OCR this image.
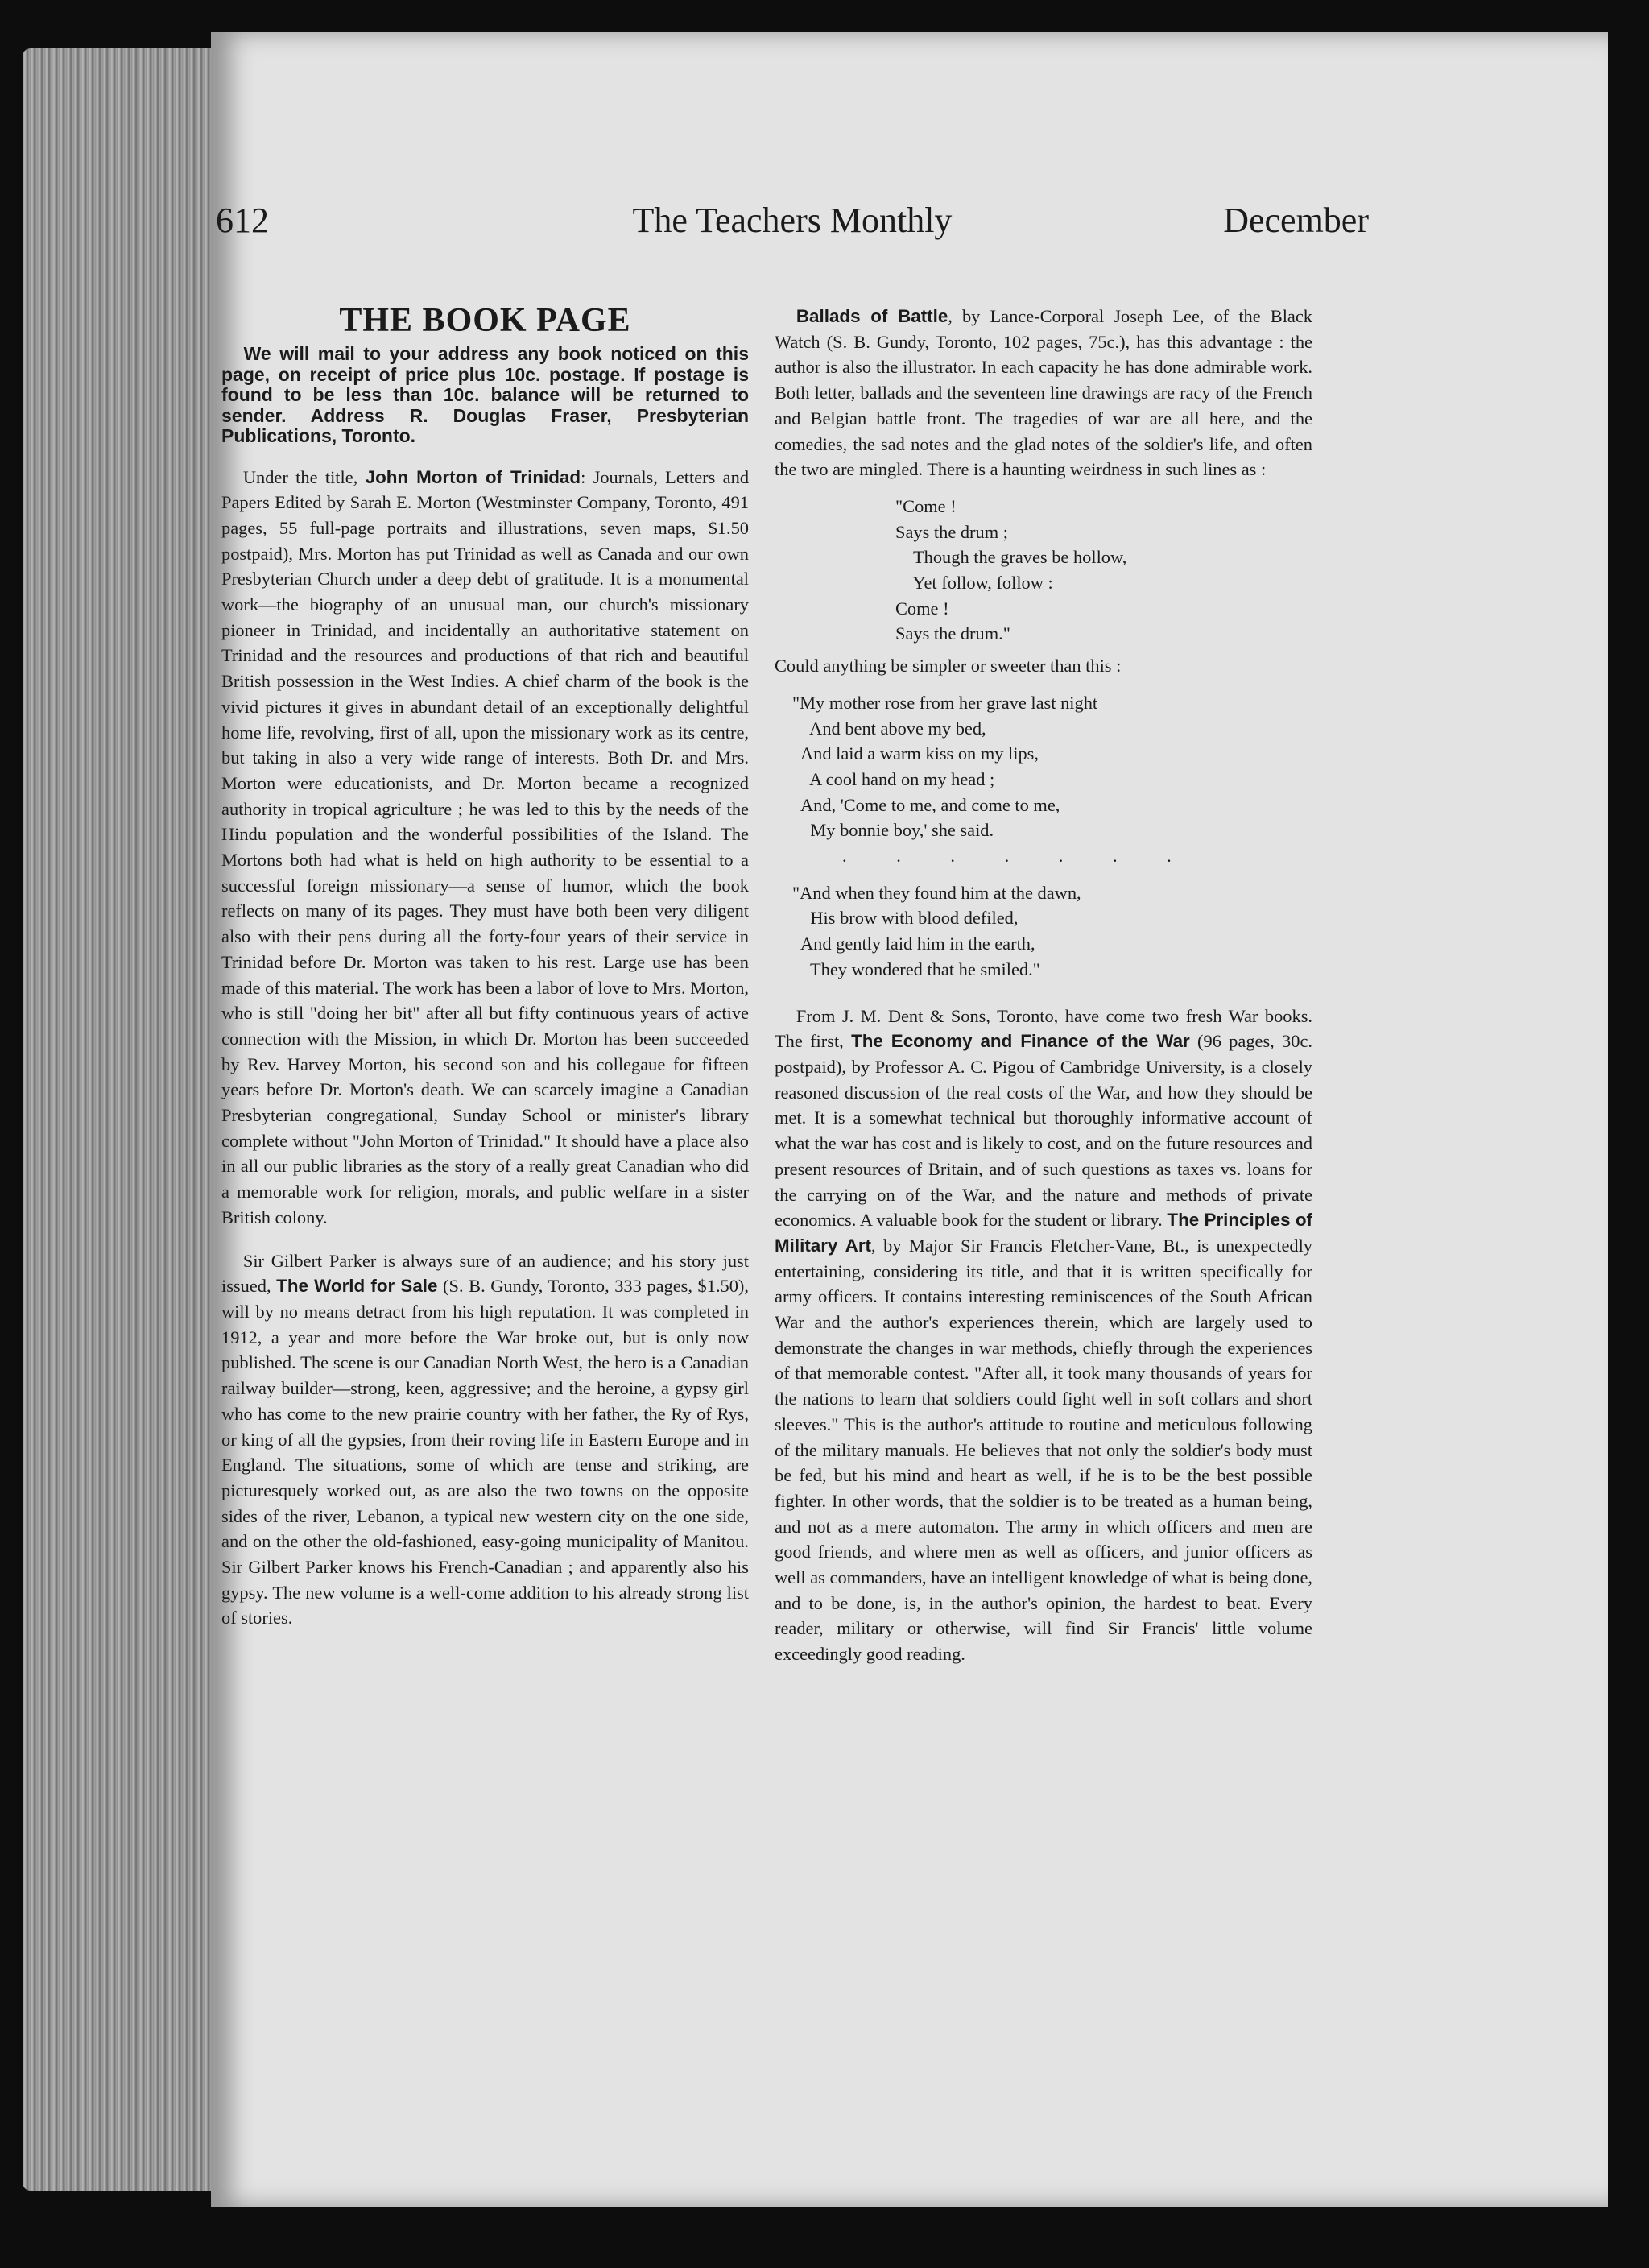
612	The Teachers Monthly	December
THE BOOK PAGE

We will mail to your address any book noticed on this page, on receipt of price plus 10c. postage. If postage is found to be less than 10c. balance will be returned to sender. Address R. Douglas Fraser, Presbyterian Publications, Toronto.

Under the title, John Morton of Trinidad: Journals, Letters and Papers Edited by Sarah E. Morton (Westminster Company, Toronto, 491 pages, 55 full-page portraits and illustrations, seven maps, $1.50 postpaid), Mrs. Morton has put Trinidad as well as Canada and our own Presbyterian Church under a deep debt of gratitude. It is a monumental work—the biography of an unusual man, our church's missionary pioneer in Trinidad, and incidentally an authoritative statement on Trinidad and the resources and productions of that rich and beautiful British possession in the West Indies. A chief charm of the book is the vivid pictures it gives in abundant detail of an exceptionally delightful home life, revolving, first of all, upon the missionary work as its centre, but taking in also a very wide range of interests. Both Dr. and Mrs. Morton were educationists, and Dr. Morton became a recognized authority in tropical agriculture ; he was led to this by the needs of the Hindu population and the wonderful possibilities of the Island. The Mortons both had what is held on high authority to be essential to a successful foreign missionary—a sense of humor, which the book reflects on many of its pages. They must have both been very diligent also with their pens during all the forty-four years of their service in Trinidad before Dr. Morton was taken to his rest. Large use has been made of this material. The work has been a labor of love to Mrs. Morton, who is still "doing her bit" after all but fifty continuous years of active connection with the Mission, in which Dr. Morton has been succeeded by Rev. Harvey Morton, his second son and his collegaue for fifteen years before Dr. Morton's death. We can scarcely imagine a Canadian Presbyterian congregational, Sunday School or minister's library complete without "John Morton of Trinidad." It should have a place also in all our public libraries as the story of a really great Canadian who did a memorable work for religion, morals, and public welfare in a sister British colony.

Sir Gilbert Parker is always sure of an audience; and his story just issued, The World for Sale (S. B. Gundy, Toronto, 333 pages, $1.50), will by no means detract from his high reputation. It was completed in 1912, a year and more before the War broke out, but is only now published. The scene is our Canadian North West, the hero is a Canadian railway builder—strong, keen, aggressive; and the heroine, a gypsy girl who has come to the new prairie country with her father, the Ry of Rys, or king of all the gypsies, from their roving life in Eastern Europe and in England. The situations, some of which are tense and striking, are picturesquely worked out, as are also the two towns on the opposite sides of the river, Lebanon, a typical new western city on the one side, and on the other the old-fashioned, easy-going municipality of Manitou. Sir Gilbert Parker knows his French-Canadian ; and apparently also his gypsy. The new volume is a well-come addition to his already strong list of stories.

Ballads of Battle, by Lance-Corporal Joseph Lee, of the Black Watch (S. B. Gundy, Toronto, 102 pages, 75c.), has this advantage : the author is also the illustrator. In each capacity he has done admirable work. Both letter, ballads and the seventeen line drawings are racy of the French and Belgian battle front. The tragedies of war are all here, and the comedies, the sad notes and the glad notes of the soldier's life, and often the two are mingled. There is a haunting weirdness in such lines as :

"Come !
Says the drum ;
Though the graves be hollow,
Yet follow, follow :
Come !
Says the drum."

Could anything be simpler or sweeter than this :

"My mother rose from her grave last night
And bent above my bed,
And laid a warm kiss on my lips,
A cool hand on my head ;
And, 'Come to me, and come to me,
My bonnie boy,' she said.
. . . . . . .
"And when they found him at the dawn,
His brow with blood defiled,
And gently laid him in the earth,
They wondered that he smiled."

From J. M. Dent & Sons, Toronto, have come two fresh War books. The first, The Economy and Finance of the War (96 pages, 30c. postpaid), by Professor A. C. Pigou of Cambridge University, is a closely reasoned discussion of the real costs of the War, and how they should be met. It is a somewhat technical but thoroughly informative account of what the war has cost and is likely to cost, and on the future resources and present resources of Britain, and of such questions as taxes vs. loans for the carrying on of the War, and the nature and methods of private economics. A valuable book for the student or library. The Principles of Military Art, by Major Sir Francis Fletcher-Vane, Bt., is unexpectedly entertaining, considering its title, and that it is written specifically for army officers. It contains interesting reminiscences of the South African War and the author's experiences therein, which are largely used to demonstrate the changes in war methods, chiefly through the experiences of that memorable contest. "After all, it took many thousands of years for the nations to learn that soldiers could fight well in soft collars and short sleeves." This is the author's attitude to routine and meticulous following of the military manuals. He believes that not only the soldier's body must be fed, but his mind and heart as well, if he is to be the best possible fighter. In other words, that the soldier is to be treated as a human being, and not as a mere automaton. The army in which officers and men are good friends, and where men as well as officers, and junior officers as well as commanders, have an intelligent knowledge of what is being done, and to be done, is, in the author's opinion, the hardest to beat. Every reader, military or otherwise, will find Sir Francis' little volume exceedingly good reading.
